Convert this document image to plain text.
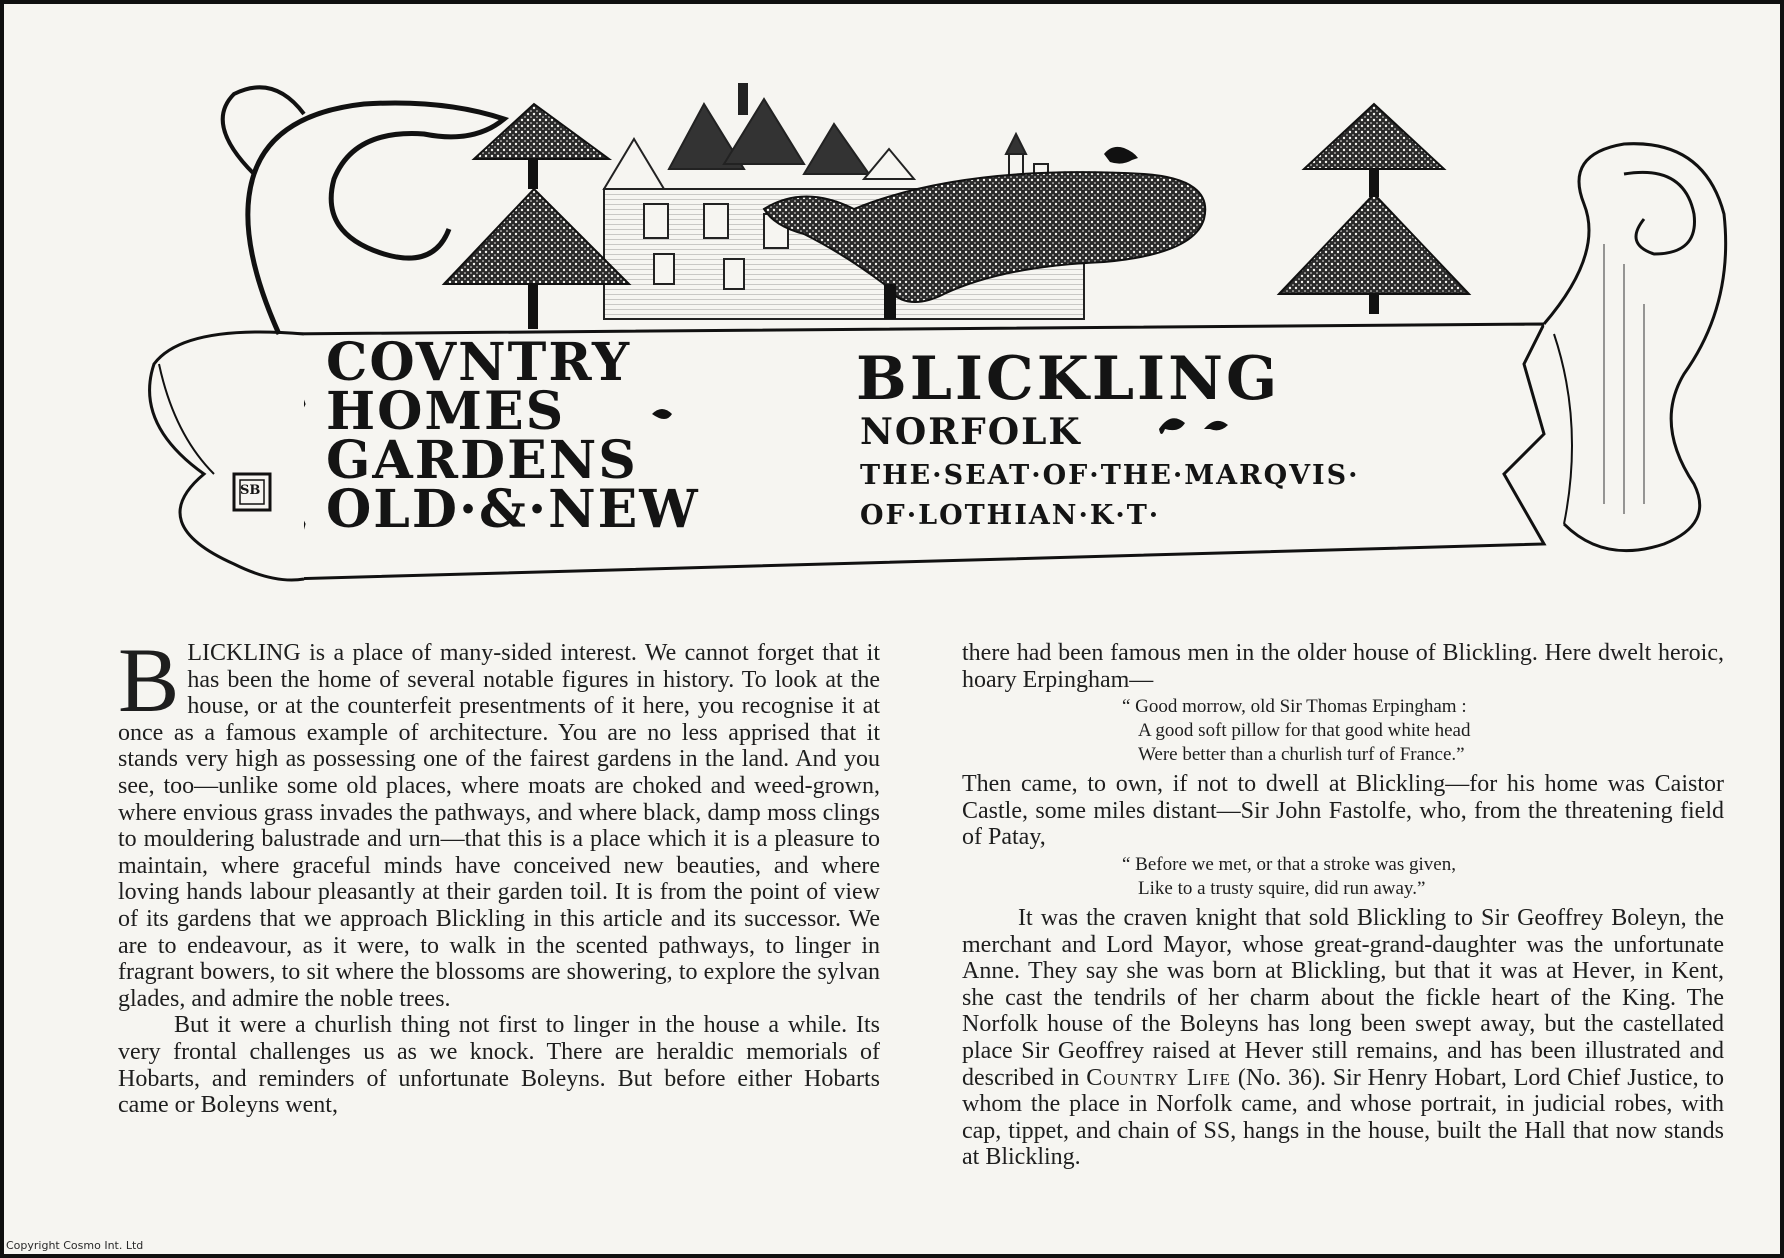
SB
COVNTRY
HOMES
GARDENS
OLD·&·NEW
BLICKLING
NORFOLK
THE·SEAT·OF·THE·MARQVIS·
OF·LOTHIAN·K·T·

BLICKLING is a place of many-sided interest. We cannot forget that it has been the home of several notable figures in history. To look at the house, or at the counterfeit presentments of it here, you recognise it at once as a famous example of architecture. You are no less apprised that it stands very high as possessing one of the fairest gardens in the land. And you see, too—unlike some old places, where moats are choked and weed-grown, where envious grass invades the pathways, and where black, damp moss clings to mouldering balustrade and urn—that this is a place which it is a pleasure to maintain, where graceful minds have conceived new beauties, and where loving hands labour pleasantly at their garden toil. It is from the point of view of its gardens that we approach Blickling in this article and its successor. We are to endeavour, as it were, to walk in the scented pathways, to linger in fragrant bowers, to sit where the blossoms are showering, to explore the sylvan glades, and admire the noble trees.

But it were a churlish thing not first to linger in the house a while. Its very frontal challenges us as we knock. There are heraldic memorials of Hobarts, and reminders of unfortunate Boleyns. But before either Hobarts came or Boleyns went,

there had been famous men in the older house of Blickling. Here dwelt heroic, hoary Erpingham—

“ Good morrow, old Sir Thomas Erpingham :
A good soft pillow for that good white head
Were better than a churlish turf of France.”

Then came, to own, if not to dwell at Blickling—for his home was Caistor Castle, some miles distant—Sir John Fastolfe, who, from the threatening field of Patay,

“ Before we met, or that a stroke was given,
Like to a trusty squire, did run away.”

It was the craven knight that sold Blickling to Sir Geoffrey Boleyn, the merchant and Lord Mayor, whose great-grand-daughter was the unfortunate Anne. They say she was born at Blickling, but that it was at Hever, in Kent, she cast the tendrils of her charm about the fickle heart of the King. The Norfolk house of the Boleyns has long been swept away, but the castellated place Sir Geoffrey raised at Hever still remains, and has been illustrated and described in Country Life (No. 36). Sir Henry Hobart, Lord Chief Justice, to whom the place in Norfolk came, and whose portrait, in judicial robes, with cap, tippet, and chain of SS, hangs in the house, built the Hall that now stands at Blickling.

Copyright Cosmo Int. Ltd
